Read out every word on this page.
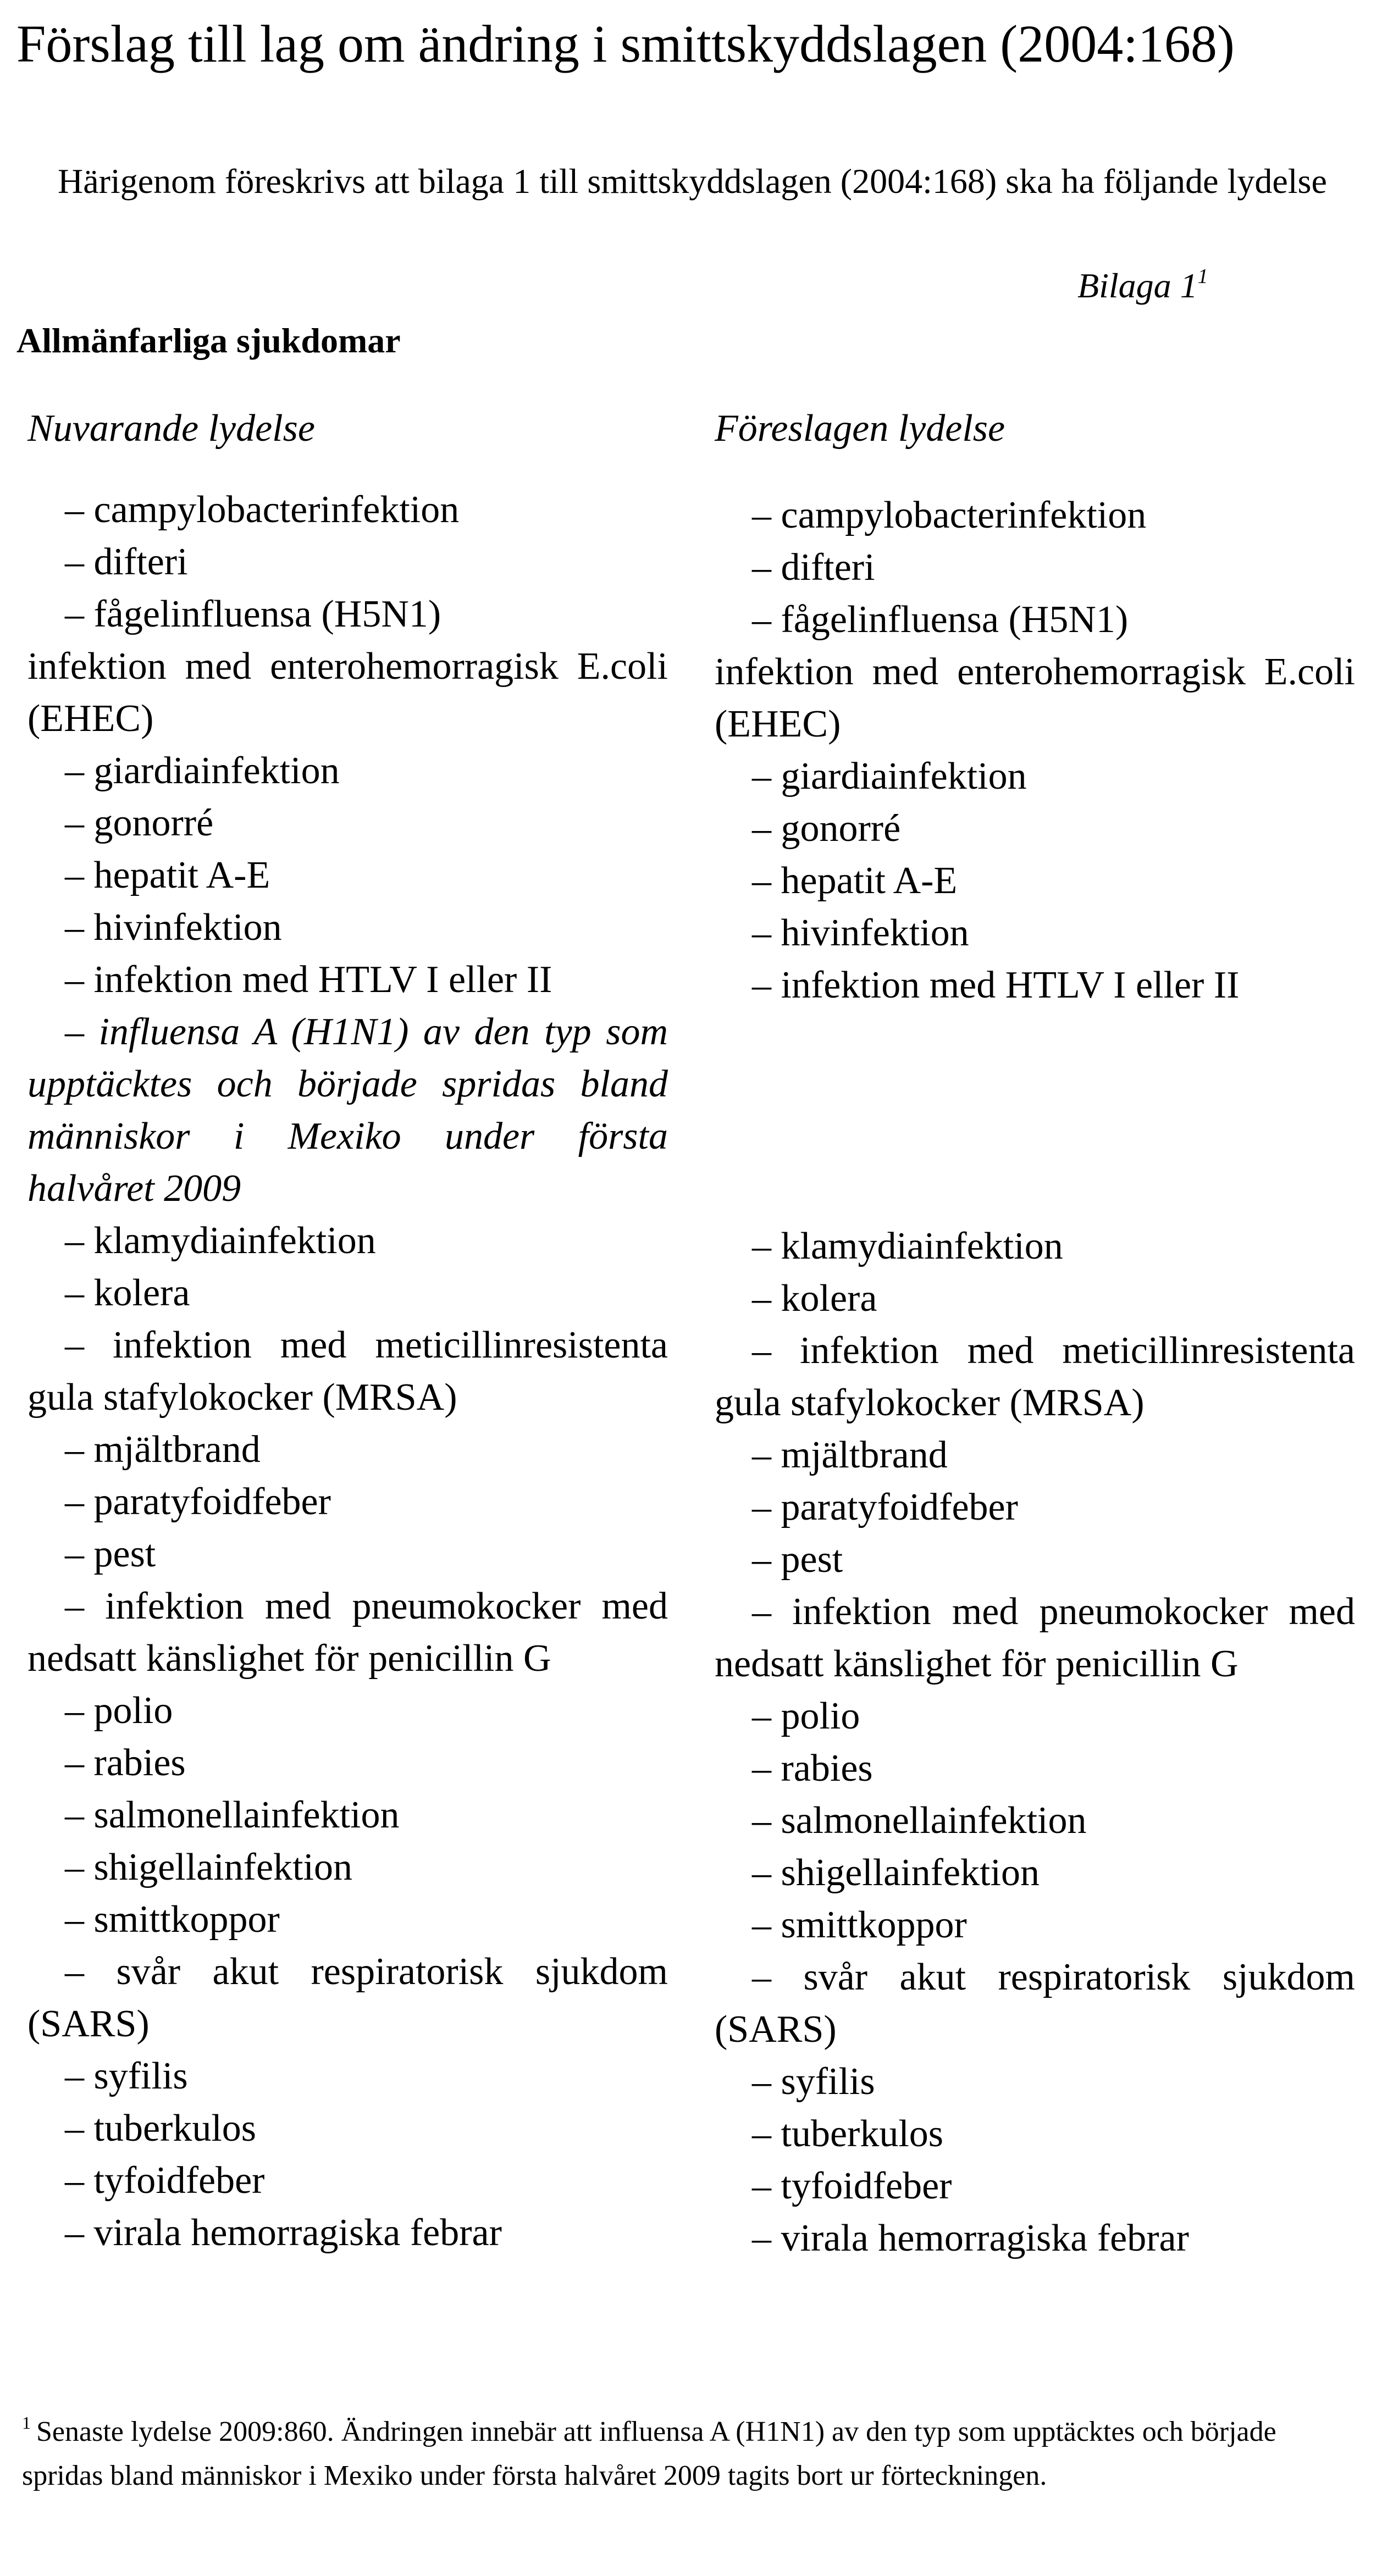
Förslag till lag om ändring i smittskyddslagen (2004:168)

Härigenom föreskrivs att bilaga 1 till smittskyddslagen (2004:168) ska ha följande lydelse

Bilaga $1^1$
Allmänfarliga sjukdomar
Nuvarande lydelse	Föreslagen lydelse
– campylobacterinfektion
– difteri
– fågelinfluensa (H5N1)
infektion med enterohemorragisk E.coli (EHEC)
– giardiainfektion
– gonorré
– hepatit A-E
– hivinfektion
– infektion med HTLV I eller II
– influensa A (H1N1) av den typ som upptäcktes och började spridas bland människor i Mexiko under första halvåret 2009
– klamydiainfektion
– kolera
– infektion med meticillinresistenta gula stafylokocker (MRSA)
– mjältbrand
– paratyfoidfeber
– pest
– infektion med pneumokocker med nedsatt känslighet för penicillin G
– polio
– rabies
– salmonellainfektion
– shigellainfektion
– smittkoppor
– svår akut respiratorisk sjukdom (SARS)
– syfilis
– tuberkulos
– tyfoidfeber
– virala hemorragiska febrar
– campylobacterinfektion
– difteri
– fågelinfluensa (H5N1)
infektion med enterohemorragisk E.coli (EHEC)
– giardiainfektion
– gonorré
– hepatit A-E
– hivinfektion
– infektion med HTLV I eller II
– klamydiainfektion
– kolera
– infektion med meticillinresistenta gula stafylokocker (MRSA)
– mjältbrand
– paratyfoidfeber
– pest
– infektion med pneumokocker med nedsatt känslighet för penicillin G
– polio
– rabies
– salmonellainfektion
– shigellainfektion
– smittkoppor
– svår akut respiratorisk sjukdom (SARS)
– syfilis
– tuberkulos
– tyfoidfeber
– virala hemorragiska febrar

$^1$ Senaste lydelse 2009:860. Ändringen innebär att influensa A (H1N1) av den typ som upptäcktes och började spridas bland människor i Mexiko under första halvåret 2009 tagits bort ur förteckningen.
